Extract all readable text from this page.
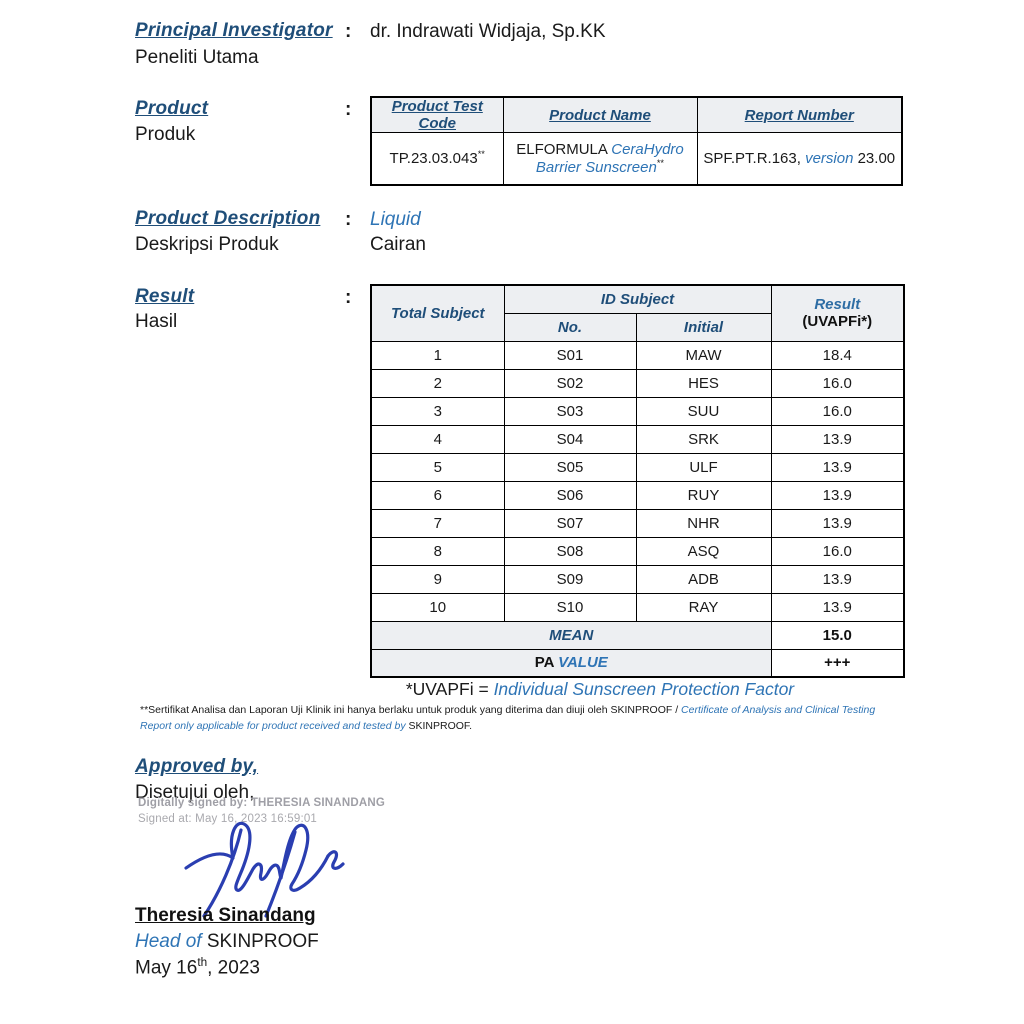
Principal Investigator : dr. Indrawati Widjaja, Sp.KK
Peneliti Utama
Product
Produk
:	Product Test Code	Product Name	Report Number
TP.23.03.043**	ELFORMULA CeraHydro Barrier Sunscreen**	SPF.PT.R.163, version 23.00
Product Description : Liquid
Deskripsi Produk	Cairan
Result
Hasil
:
Total Subject	ID Subject		Result
(UVAPFi*)
	No.	Initial	
1	S01	MAW	18.4
2	S02	HES	16.0
3	S03	SUU	16.0
4	S04	SRK	13.9
5	S05	ULF	13.9
6	S06	RUY	13.9
7	S07	NHR	13.9
8	S08	ASQ	16.0
9	S09	ADB	13.9
10	S10	RAY	13.9
MEAN			15.0
PA VALUE			+++
*UVAPFi = Individual Sunscreen Protection Factor
**Sertifikat Analisa dan Laporan Uji Klinik ini hanya berlaku untuk produk yang diterima dan diuji oleh SKINPROOF / Certificate of Analysis and Clinical Testing
Report only applicable for product received and tested by SKINPROOF.
Approved by,
Disetujui oleh,
Digitally signed by: THERESIA SINANDANG
Signed at: May 16, 2023 16:59:01
Theresia Sinandang
Head of SKINPROOF
May 16th, 2023
